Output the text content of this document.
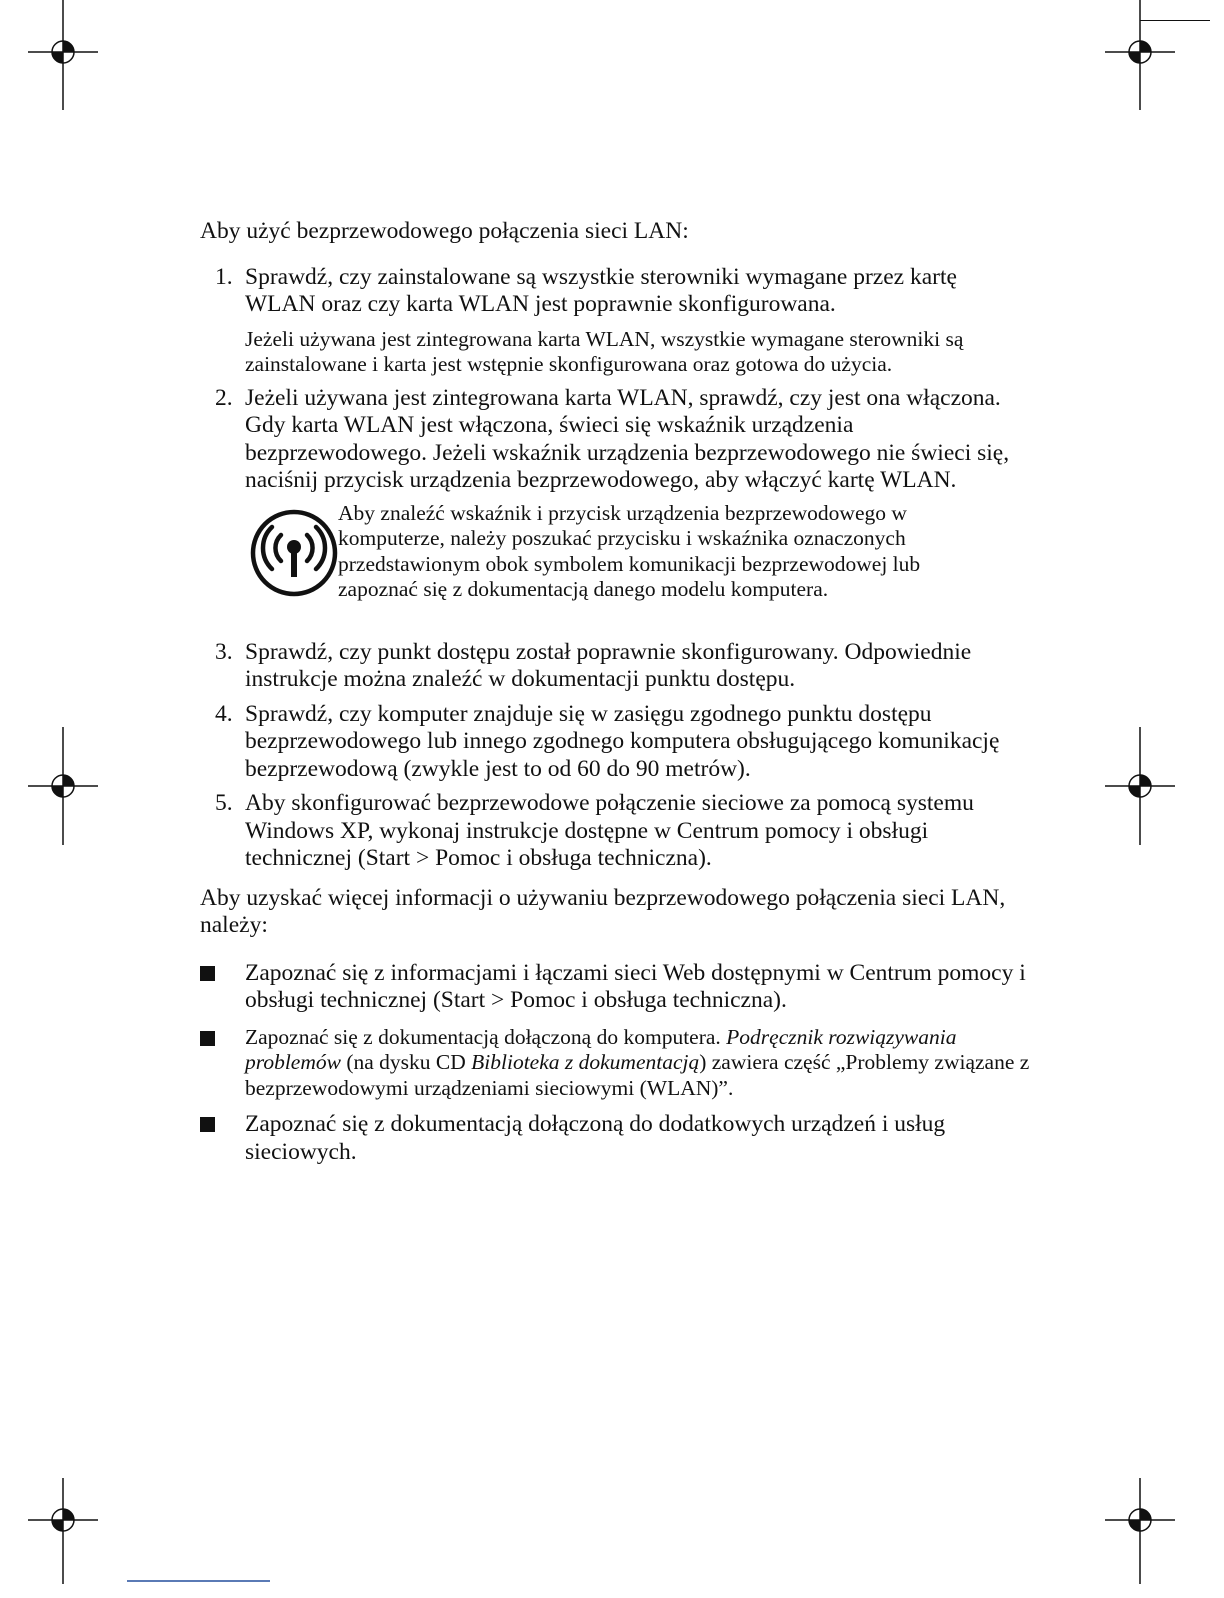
Aby użyć bezprzewodowego połączenia sieci LAN:

1. Sprawdź, czy zainstalowane są wszystkie sterowniki wymagane przez kartę WLAN oraz czy karta WLAN jest poprawnie skonfigurowana.

Jeżeli używana jest zintegrowana karta WLAN, wszystkie wymagane sterowniki są zainstalowane i karta jest wstępnie skonfigurowana oraz gotowa do użycia.

2. Jeżeli używana jest zintegrowana karta WLAN, sprawdź, czy jest ona włączona. Gdy karta WLAN jest włączona, świeci się wskaźnik urządzenia bezprzewodowego. Jeżeli wskaźnik urządzenia bezprzewodowego nie świeci się, naciśnij przycisk urządzenia bezprzewodowego, aby włączyć kartę WLAN.

Aby znaleźć wskaźnik i przycisk urządzenia bezprzewodowego w komputerze, należy poszukać przycisku i wskaźnika oznaczonych przedstawionym obok symbolem komunikacji bezprzewodowej lub zapoznać się z dokumentacją danego modelu komputera.

3. Sprawdź, czy punkt dostępu został poprawnie skonfigurowany. Odpowiednie instrukcje można znaleźć w dokumentacji punktu dostępu.

4. Sprawdź, czy komputer znajduje się w zasięgu zgodnego punktu dostępu bezprzewodowego lub innego zgodnego komputera obsługującego komunikację bezprzewodową (zwykle jest to od 60 do 90 metrów).

5. Aby skonfigurować bezprzewodowe połączenie sieciowe za pomocą systemu Windows XP, wykonaj instrukcje dostępne w Centrum pomocy i obsługi technicznej (Start > Pomoc i obsługa techniczna).

Aby uzyskać więcej informacji o używaniu bezprzewodowego połączenia sieci LAN, należy:

Zapoznać się z informacjami i łączami sieci Web dostępnymi w Centrum pomocy i obsługi technicznej (Start > Pomoc i obsługa techniczna).

Zapoznać się z dokumentacją dołączoną do komputera. Podręcznik rozwiązywania problemów (na dysku CD Biblioteka z dokumentacją) zawiera część „Problemy związane z bezprzewodowymi urządzeniami sieciowymi (WLAN)”.

Zapoznać się z dokumentacją dołączoną do dodatkowych urządzeń i usług sieciowych.
